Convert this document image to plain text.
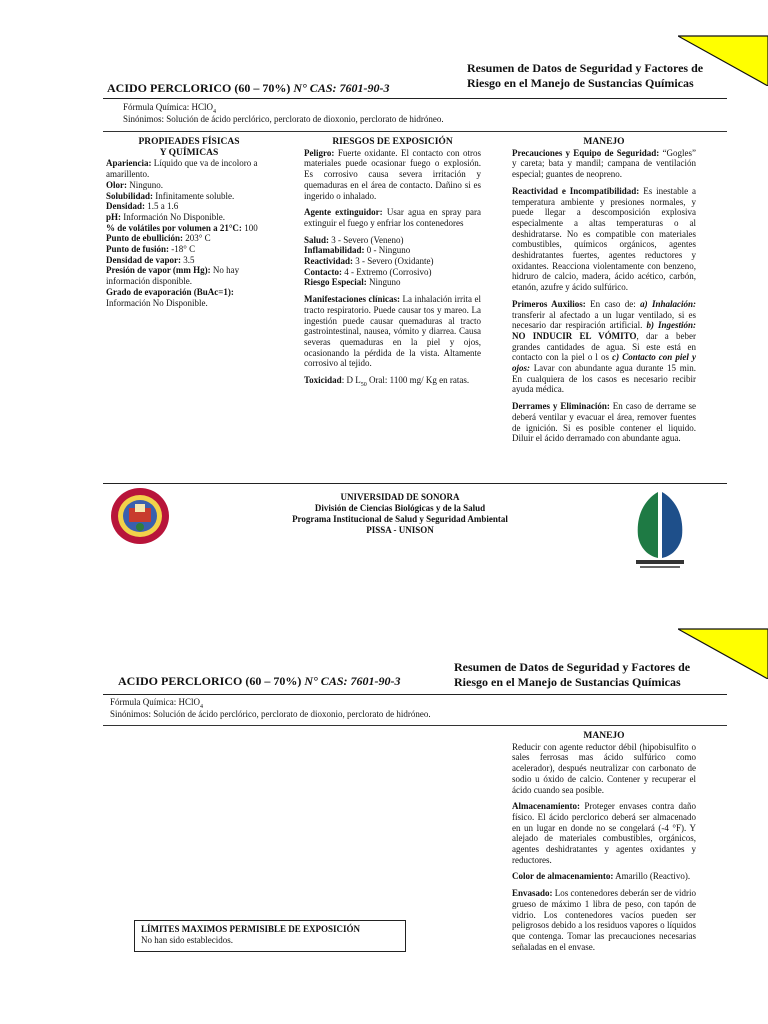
ACIDO PERCLORICO (60 – 70%) N° CAS: 7601-90-3
Resumen de Datos de Seguridad y Factores de
Riesgo en el Manejo de Sustancias Químicas
Fórmula Química: HClO$_4$
Sinónimos: Solución de ácido perclórico, perclorato de dioxonio, perclorato de hidróneo.
PROPIEADES FÍSICAS
Y QUÍMICAS
Apariencia: Líquido que va de incoloro a amarillento.
Olor: Ninguno.
Solubilidad: Infinitamente soluble.
Densidad: 1.5 a 1.6
pH: Información No Disponible.
% de volátiles por volumen a 21°C: 100
Punto de ebullición: 203° C
Punto de fusión: -18° C
Densidad de vapor: 3.5
Presión de vapor (mm Hg): No hay información disponible.
Grado de evaporación (BuAc=1): Información No Disponible.
RIESGOS DE EXPOSICIÓN

Peligro: Fuerte oxidante. El contacto con otros materiales puede ocasionar fuego o explosión. Es corrosivo causa severa irritación y quemaduras en el área de contacto. Dañino si es ingerido o inhalado.

Agente extinguidor: Usar agua en spray para extinguir el fuego y enfriar los contenedores

Salud: 3 - Severo (Veneno)
Inflamabilidad: 0 - Ninguno
Reactividad: 3 - Severo (Oxidante)
Contacto: 4 - Extremo (Corrosivo)
Riesgo Especial: Ninguno

Manifestaciones clínicas: La inhalación irrita el tracto respiratorio. Puede causar tos y mareo. La ingestión puede causar quemaduras al tracto gastrointestinal, nausea, vómito y diarrea. Causa severas quemaduras en la piel y ojos, ocasionando la pérdida de la vista. Altamente corrosivo al tejido.

Toxicidad: D $L_{50}$ Oral: 1100 mg/ Kg en ratas.

MANEJO

Precauciones y Equipo de Seguridad: “Gogles” y careta; bata y mandil; campana de ventilación especial; guantes de neopreno.

Reactividad e Incompatibilidad: Es inestable a temperatura ambiente y presiones normales, y puede llegar a descomposición explosiva especialmente a altas temperaturas o al deshidratarse. No es compatible con materiales combustibles, químicos orgánicos, agentes deshidratantes fuertes, agentes reductores y oxidantes. Reacciona violentamente con benzeno, hidruro de calcio, madera, ácido acético, carbón, etanón, azufre y ácido sulfúrico.

Primeros Auxilios: En caso de: a) Inhalación: transferir al afectado a un lugar ventilado, si es necesario dar respiración artificial. b) Ingestión: NO INDUCIR EL VÓMITO, dar a beber grandes cantidades de agua. Si este está en contacto con la piel o l os c) Contacto con piel y ojos: Lavar con abundante agua durante 15 min. En cualquiera de los casos es necesario recibir ayuda médica.

Derrames y Eliminación: En caso de derrame se deberá ventilar y evacuar el área, remover fuentes de ignición. Si es posible contener el liquido. Diluir el ácido derramado con abundante agua.

UNIVERSIDAD DE SONORA
División de Ciencias Biológicas y de la Salud
Programa Institucional de Salud y Seguridad Ambiental
PISSA - UNISON
ACIDO PERCLORICO (60 – 70%) N° CAS: 7601-90-3
Resumen de Datos de Seguridad y Factores de
Riesgo en el Manejo de Sustancias Químicas
Fórmula Química: HClO$_4$
Sinónimos: Solución de ácido perclórico, perclorato de dioxonio, perclorato de hidróneo.
MANEJO

Reducir con agente reductor débil (hipobisulfito o sales ferrosas mas ácido sulfúrico como acelerador), después neutralizar con carbonato de sodio u óxido de calcio. Contener y recuperar el ácido cuando sea posible.

Almacenamiento: Proteger envases contra daño físico. El ácido perclorico deberá ser almacenado en un lugar en donde no se congelará (-4 °F). Y alejado de materiales combustibles, orgánicos, agentes deshidratantes y agentes oxidantes y reductores.

Color de almacenamiento: Amarillo (Reactivo).

Envasado: Los contenedores deberán ser de vidrio grueso de máximo 1 libra de peso, con tapón de vidrio. Los contenedores vacíos pueden ser peligrosos debido a los residuos vapores o líquidos que contenga. Tomar las precauciones necesarias señaladas en el envase.

LÍMITES MAXIMOS PERMISIBLE DE EXPOSICIÓN
No han sido establecidos.
